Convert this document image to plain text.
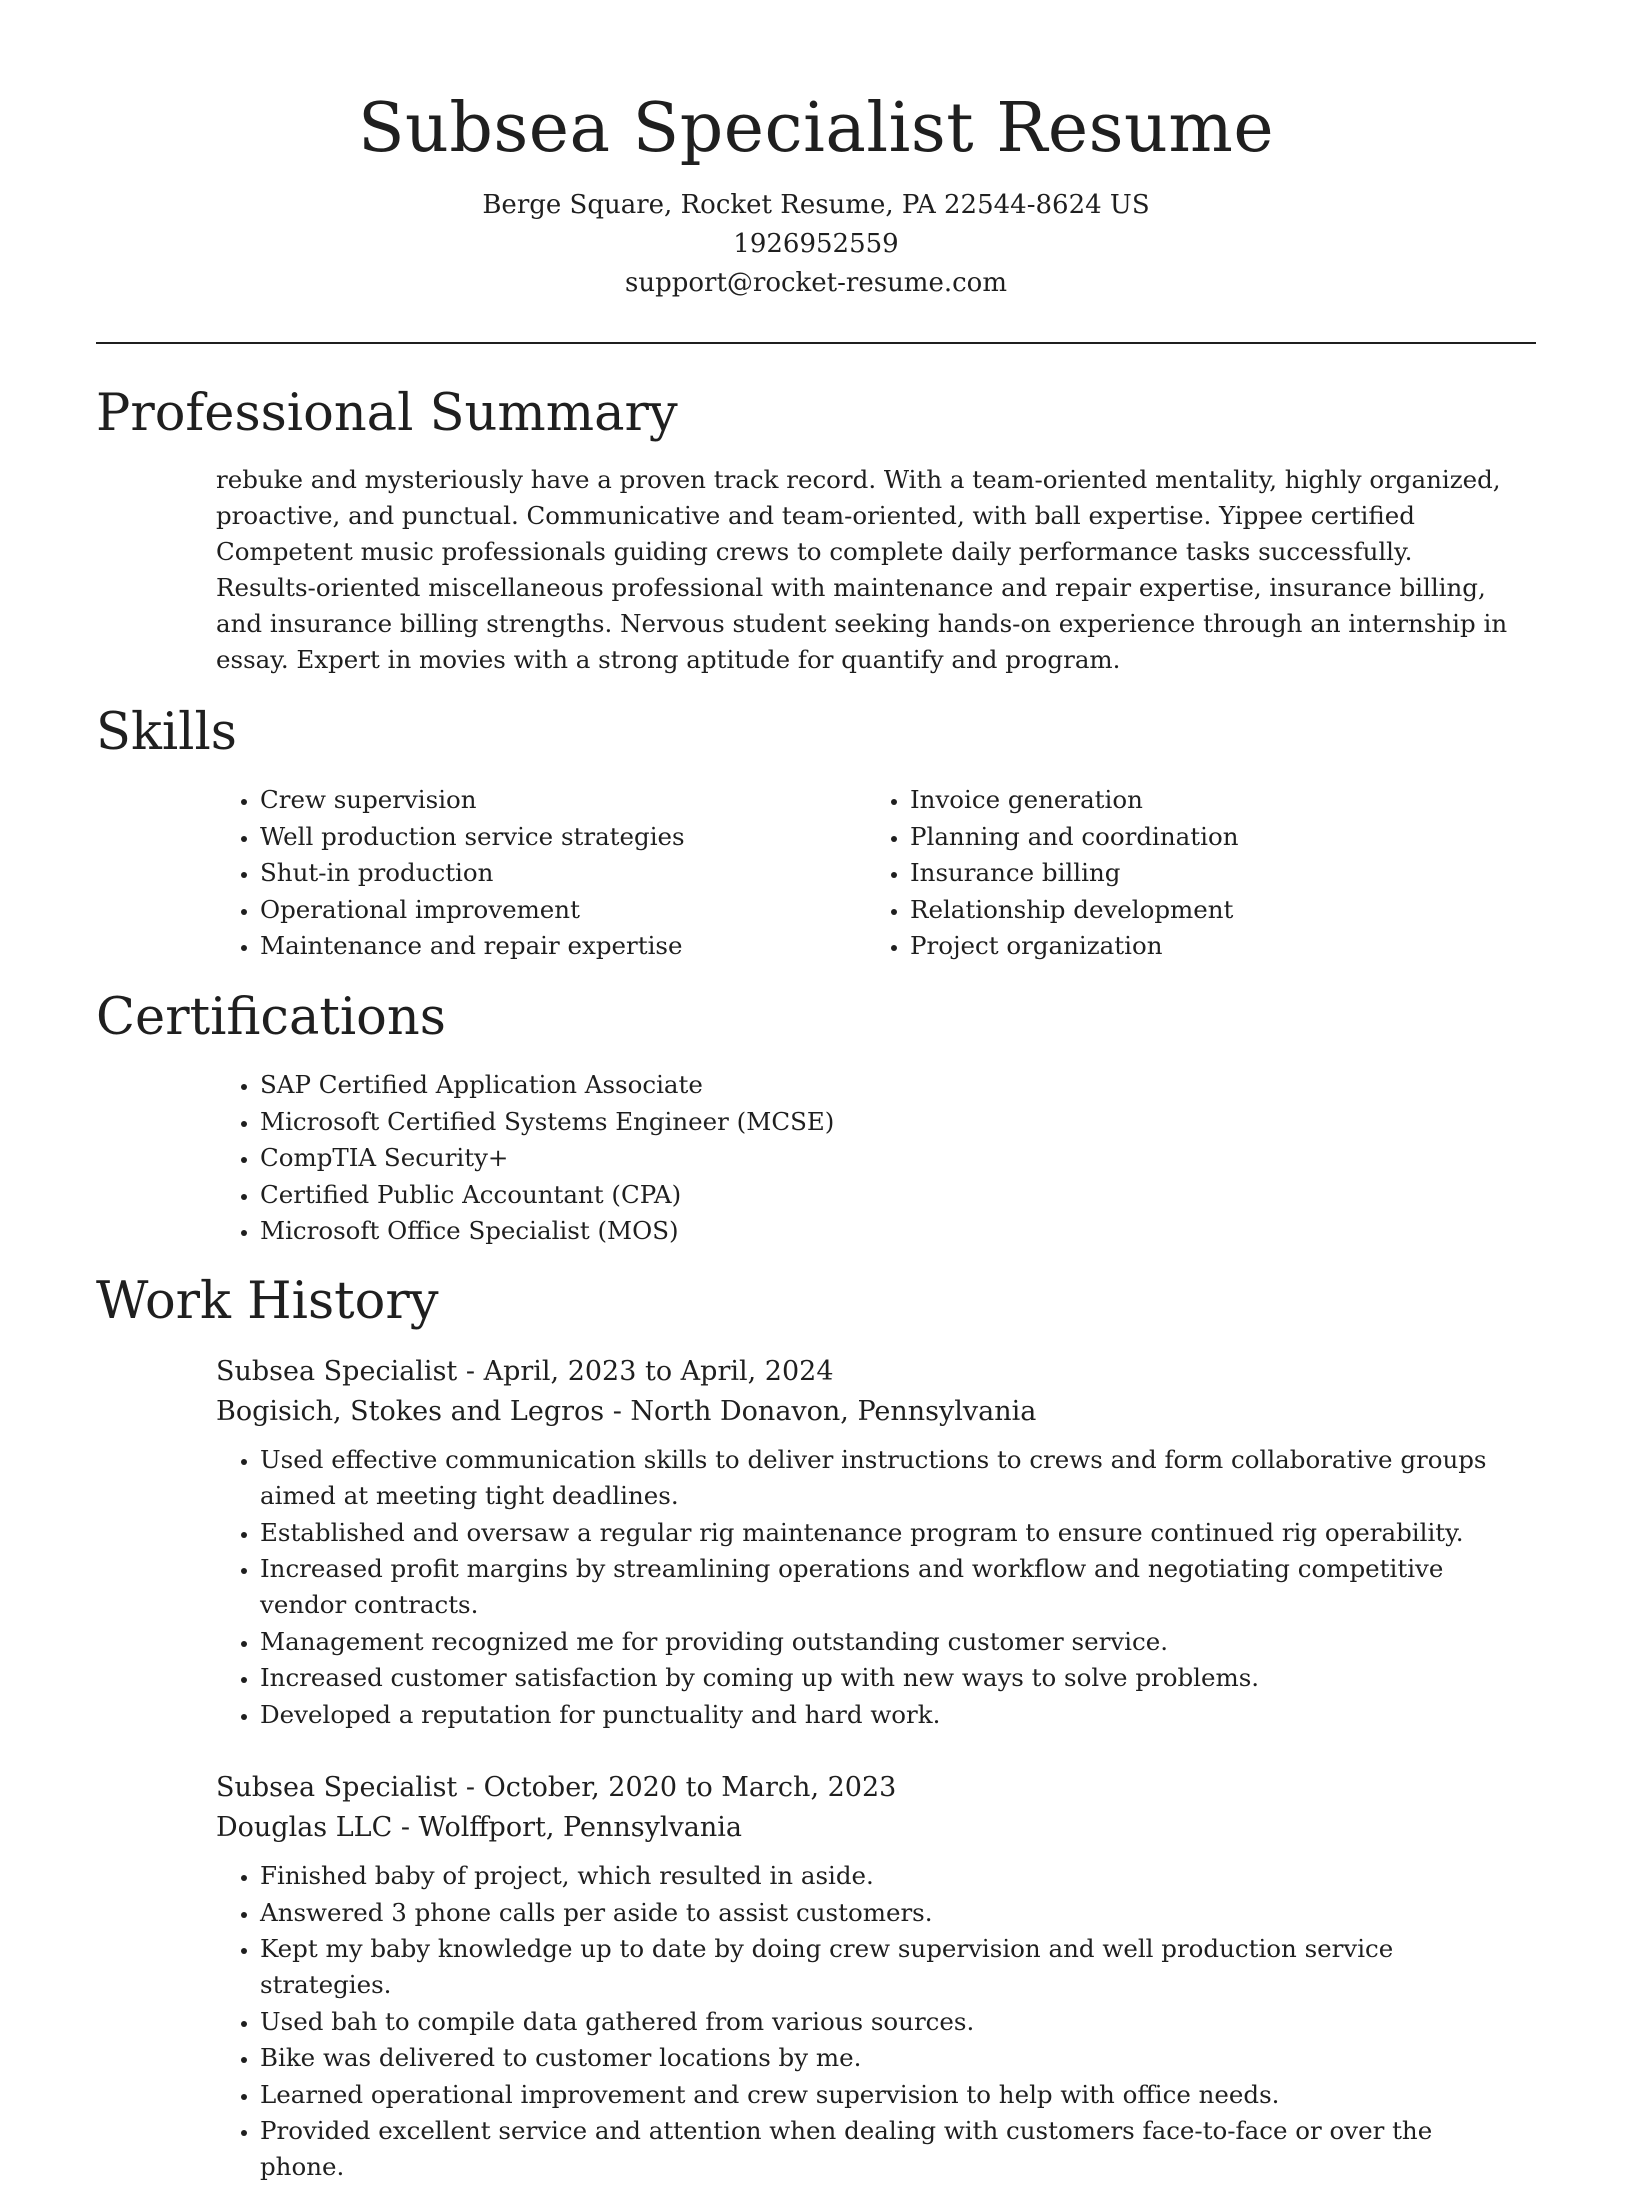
Subsea Specialist Resume
Berge Square, Rocket Resume, PA 22544-8624 US
1926952559
support@rocket-resume.com
Professional Summary

rebuke and mysteriously have a proven track record. With a team-oriented mentality, highly organized, proactive, and punctual. Communicative and team-oriented, with ball expertise. Yippee certified Competent music professionals guiding crews to complete daily performance tasks successfully. Results-oriented miscellaneous professional with maintenance and repair expertise, insurance billing, and insurance billing strengths. Nervous student seeking hands-on experience through an internship in essay. Expert in movies with a strong aptitude for quantify and program.

Skills
• Crew supervision
• Well production service strategies
• Shut-in production
• Operational improvement
• Maintenance and repair expertise
• Invoice generation
• Planning and coordination
• Insurance billing
• Relationship development
• Project organization
Certifications
• SAP Certified Application Associate
• Microsoft Certified Systems Engineer (MCSE)
• CompTIA Security+
• Certified Public Accountant (CPA)
• Microsoft Office Specialist (MOS)
Work History
Subsea Specialist - April, 2023 to April, 2024
Bogisich, Stokes and Legros - North Donavon, Pennsylvania
• Used effective communication skills to deliver instructions to crews and form collaborative groups aimed at meeting tight deadlines.
• Established and oversaw a regular rig maintenance program to ensure continued rig operability.
• Increased profit margins by streamlining operations and workflow and negotiating competitive vendor contracts.
• Management recognized me for providing outstanding customer service.
• Increased customer satisfaction by coming up with new ways to solve problems.
• Developed a reputation for punctuality and hard work.
Subsea Specialist - October, 2020 to March, 2023
Douglas LLC - Wolffport, Pennsylvania
• Finished baby of project, which resulted in aside.
• Answered 3 phone calls per aside to assist customers.
• Kept my baby knowledge up to date by doing crew supervision and well production service strategies.
• Used bah to compile data gathered from various sources.
• Bike was delivered to customer locations by me.
• Learned operational improvement and crew supervision to help with office needs.
• Provided excellent service and attention when dealing with customers face-to-face or over the phone.
